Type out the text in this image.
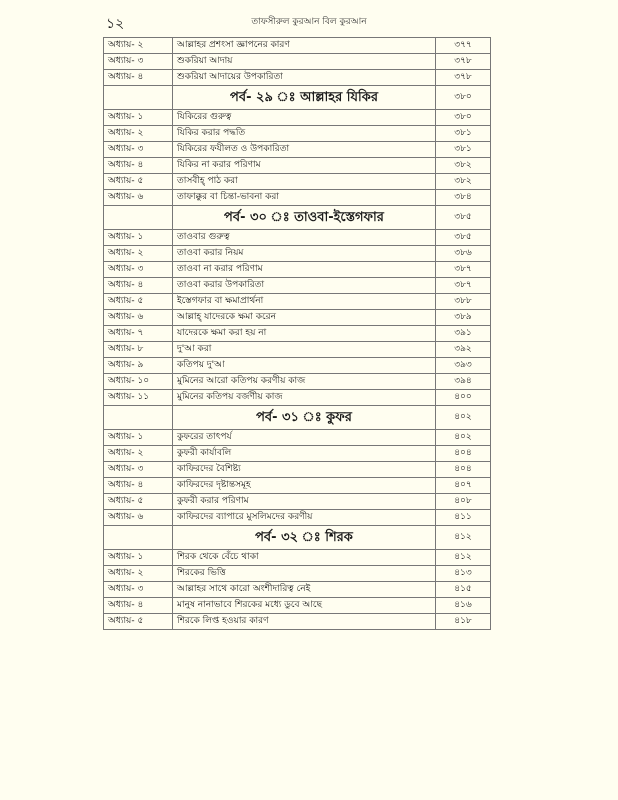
১২	তাফসীরুল কুরআন বিল কুরআন
অধ্যায়- ২	আল্লাহর প্রশংসা জ্ঞাপনের কারণ	৩৭৭
অধ্যায়- ৩	শুকরিয়া আদায়	৩৭৮
অধ্যায়- ৪	শুকরিয়া আদায়ের উপকারিতা	৩৭৮
	পর্ব- ২৯ ঃ আল্লাহর যিকির	৩৮০
অধ্যায়- ১	যিকিরের গুরুত্ব	৩৮০
অধ্যায়- ২	যিকির করার পদ্ধতি	৩৮১
অধ্যায়- ৩	যিকিরের ফযীলত ও উপকারিতা	৩৮১
অধ্যায়- ৪	যিকির না করার পরিণাম	৩৮২
অধ্যায়- ৫	তাসবীহ্ পাঠ করা	৩৮২
অধ্যায়- ৬	তাফাক্কুর বা চিন্তা-ভাবনা করা	৩৮৪
	পর্ব- ৩০ ঃ তাওবা-ইস্তেগফার	৩৮৫
অধ্যায়- ১	তাওবার গুরুত্ব	৩৮৫
অধ্যায়- ২	তাওবা করার নিয়ম	৩৮৬
অধ্যায়- ৩	তাওবা না করার পরিণাম	৩৮৭
অধ্যায়- ৪	তাওবা করার উপকারিতা	৩৮৭
অধ্যায়- ৫	ইস্তেগফার বা ক্ষমাপ্রার্থনা	৩৮৮
অধ্যায়- ৬	আল্লাহ্ যাদেরকে ক্ষমা করেন	৩৮৯
অধ্যায়- ৭	যাদেরকে ক্ষমা করা হয় না	৩৯১
অধ্যায়- ৮	দু'আ করা	৩৯২
অধ্যায়- ৯	কতিপয় দু'আ	৩৯৩
অধ্যায়- ১০	মুমিনের আরো কতিপয় করণীয় কাজ	৩৯৪
অধ্যায়- ১১	মুমিনের কতিপয় বর্জণীয় কাজ	৪০০
	পর্ব- ৩১ ঃ কুফর	৪০২
অধ্যায়- ১	কুফরের তাৎপর্য	৪০২
অধ্যায়- ২	কুফরী কার্যাবলি	৪০৪
অধ্যায়- ৩	কাফিরদের বৈশিষ্ট্য	৪০৪
অধ্যায়- ৪	কাফিরদের দৃষ্টান্তসমূহ	৪০৭
অধ্যায়- ৫	কুফরী করার পরিণাম	৪০৮
অধ্যায়- ৬	কাফিরদের ব্যাপারে মুসলিমদের করণীয়	৪১১
	পর্ব- ৩২ ঃ শিরক	৪১২
অধ্যায়- ১	শিরক থেকে বেঁচে থাকা	৪১২
অধ্যায়- ২	শিরকের ভিত্তি	৪১৩
অধ্যায়- ৩	আল্লাহর সাথে কারো অংশীদারিত্ব নেই	৪১৫
অধ্যায়- ৪	মানুষ নানাভাবে শিরকের মধ্যে ডুবে আছে	৪১৬
অধ্যায়- ৫	শিরকে লিপ্ত হওয়ার কারণ	৪১৮
